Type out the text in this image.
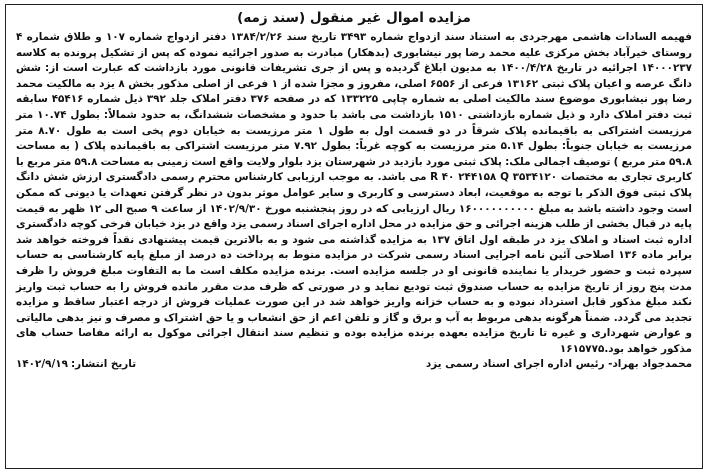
مزایده اموال غیر منقول (سند زمه)

فهیمه السادات هاشمی مهرجردی به استناد سند ازدواج شماره ۳۴۹۳ تاریخ سند ۱۳۸۴/۲/۲۶ دفتر ازدواج شماره ۱۰۷ و طلاق شماره ۴ روستای خیرآباد بخش مرکزی علیه محمد رضا پور نیشابوری (بدهکار) مبادرت به صدور اجرائیه نموده که پس از تشکیل پرونده به کلاسه ۱۴۰۰۰۲۳۷ اجرائیه در تاریخ ۱۴۰۰/۴/۲۸ به مدیون ابلاغ گردیده و پس از جری تشریفات قانونی مورد بازداشت که عبارت است از: شش دانگ عرصه و اعیان پلاک ثبتی ۱۳۱۶۲ فرعی از ۶۵۵۶ اصلی، مفروز و مجزا شده از ۱ فرعی از اصلی مذکور بخش ۸ یزد به مالکیت محمد رضا پور نیشابوری موضوع سند مالکیت اصلی به شماره چاپی ۱۳۳۲۲۵ که در صفحه ۳۷۶ دفتر املاک جلد ۳۹۲ ذیل شماره ۴۵۴۱۶ سابقه ثبت دفتر املاک دارد و ذیل شماره بازداشتی ۱۵۱۰ بازداشت می باشد با حدود و مشخصات ششدانگ، به حدود شمالاً: بطول ۱۰.۷۴ متر مرزیست اشتراکی به باقیمانده پلاک شرقاً در دو قسمت اول به طول ۱ متر مرزیست به خیابان دوم پخی است به طول ۸.۷۰ متر مرزیست به خیابان جنوباً: بطول ۵.۱۴ متر مرزیست به کوچه غرباً: بطول ۷.۹۲ متر مرزیست اشتراکی به باقیمانده پلاک ( به مساحت ۵۹.۸ متر مربع ) توصیف اجمالی ملک: پلاک ثبتی مورد بازدید در شهرستان یزد بلوار ولایت واقع است زمینی به مساحت ۵۹.۸ متر مربع با کاربری تجاری به مختصات ۳۵۳۴۱۲۰ R ۴۰ ۲۴۴۱۵۸ Q می باشد. به موجب ارزیابی کارشناس محترم رسمی دادگستری ارزش شش دانگ پلاک ثبتی فوق الذکر با توجه به موقعیت، ابعاد دسترسی و کاربری و سایر عوامل موثر بدون در نظر گرفتن تعهدات یا دیونی که ممکن است وجود داشته باشد به مبلغ ۱۶۰۰۰۰۰۰۰۰۰۰ ریال ارزیابی که در روز پنجشنبه مورخ ۱۴۰۲/۹/۳۰ از ساعت ۹ صبح الی ۱۲ ظهر به قیمت پایه در قبال بخشی از طلب هزینه اجرائی و حق مزایده در محل اداره اجرای اسناد رسمی یزد واقع در یزد خیابان فرخی کوچه دادگستری اداره ثبت اسناد و املاک یزد در طبقه اول اتاق ۱۳۷ به مزایده گذاشته می شود و به بالاترین قیمت پیشنهادی نقداً فروخته خواهد شد برابر ماده ۱۳۶ اصلاحی آئین نامه اجرایی اسناد رسمی شرکت در مزایده منوط به پرداخت ده درصد از مبلغ پایه کارشناسی به حساب سپرده ثبت و حضور خریدار یا نماینده قانونی او در جلسه مزایده است. برنده مزایده مکلف است ما به التفاوت مبلغ فروش را ظرف مدت پنج روز از تاریخ مزایده به حساب صندوق ثبت تودیع نماید و در صورتی که ظرف مدت مقرر مانده فروش را به حساب ثبت واریز نکند مبلغ مذکور قابل استرداد نبوده و به حساب خزانه واریز خواهد شد در این صورت عملیات فروش از درجه اعتبار ساقط و مزایده تجدید می گردد. ضمناً هرگونه بدهی مربوط به آب و برق و گاز و تلفن اعم از حق انشعاب و یا حق اشتراک و مصرف و نیز بدهی مالیاتی و عوارض شهرداری و غیره تا تاریخ مزایده بعهده برنده مزایده بوده و تنظیم سند انتقال اجرائی موکول به ارائه مفاصا حساب های مذکور خواهد بود.۱۶۱۵۷۷۵

محمدجواد بهراد- رئیس اداره اجرای اسناد رسمی یزد
تاریخ انتشار:
۱۴۰۲/۹/۱۹
